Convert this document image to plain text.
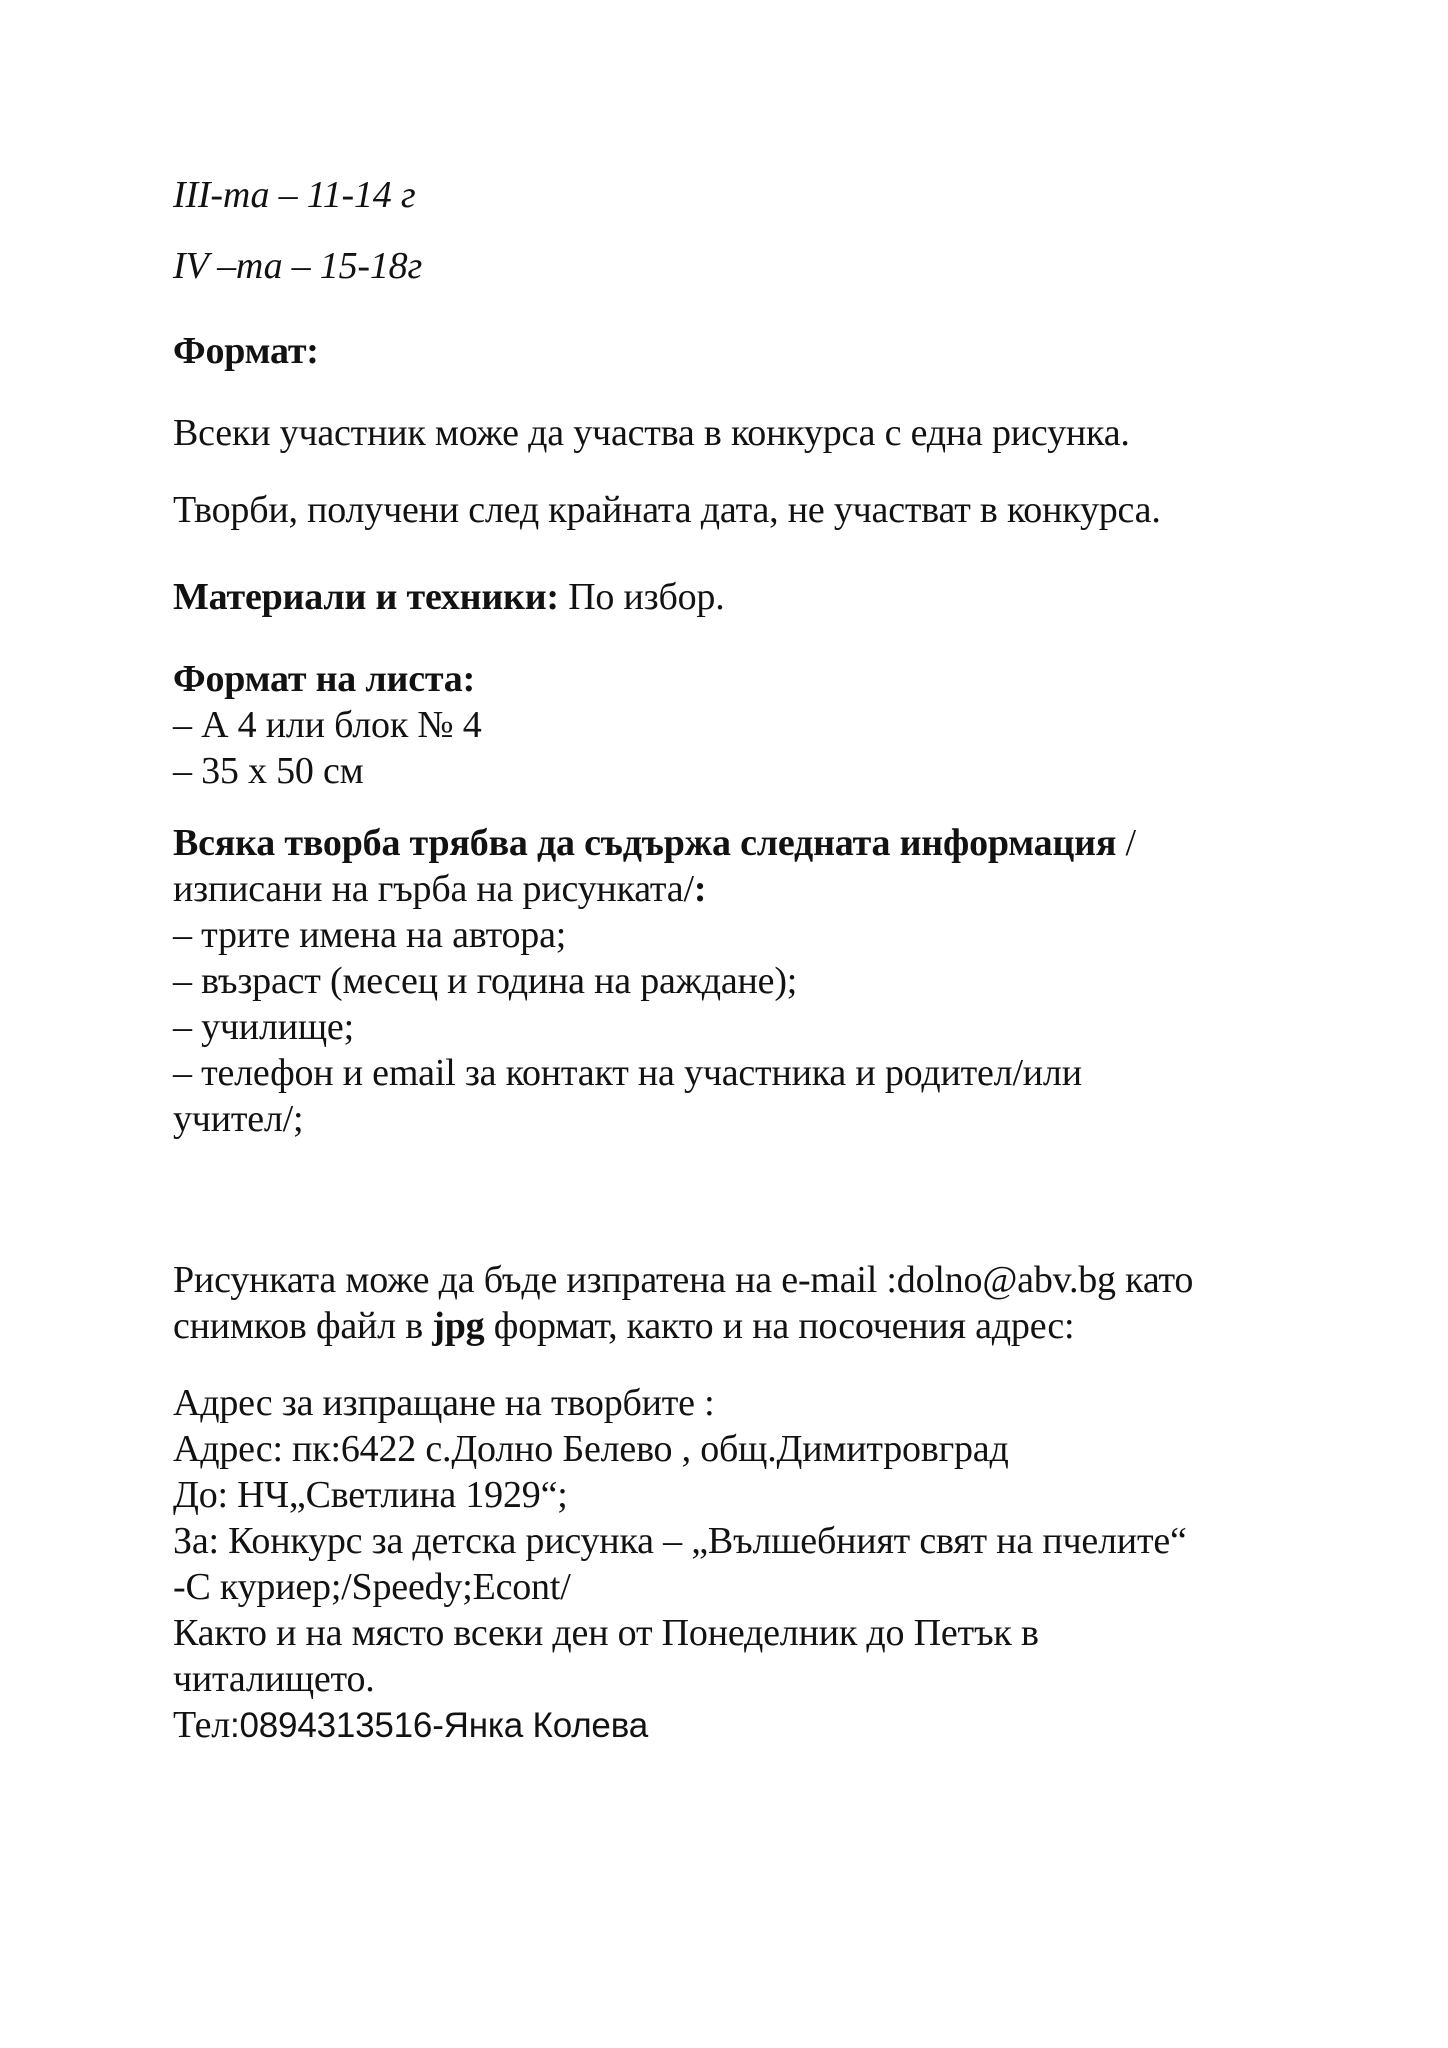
III-та – 11-14 г
IV –та – 15-18г
Формат:
Всеки участник може да участва в конкурса с една рисунка.
Творби, получени след крайната дата, не участват в конкурса.
Материали и техники: По избор.
Формат на листа:
– А 4 или блок № 4
– 35 х 50 см
Всяка творба трябва да съдържа следната информация /
изписани на гърба на рисунката/:
– трите имена на автора;
– възраст (месец и година на раждане);
– училище;
– телефон и email за контакт на участника и родител/или
учител/;
Рисунката може да бъде изпратена на e-mail :dolno@abv.bg като
снимков файл в jpg формат, както и на посочения адрес:
Адрес за изпращане на творбите :
Адрес: пк:6422 с.Долно Белево , общ.Димитровград
До: НЧ„Светлина 1929“;
За: Конкурс за детска рисунка – „Вълшебният свят на пчелите“
-С куриер;/Speedy;Econt/
Както и на място всеки ден от Понеделник до Петък в
читалището.
Тел:0894313516-Янка Колева
